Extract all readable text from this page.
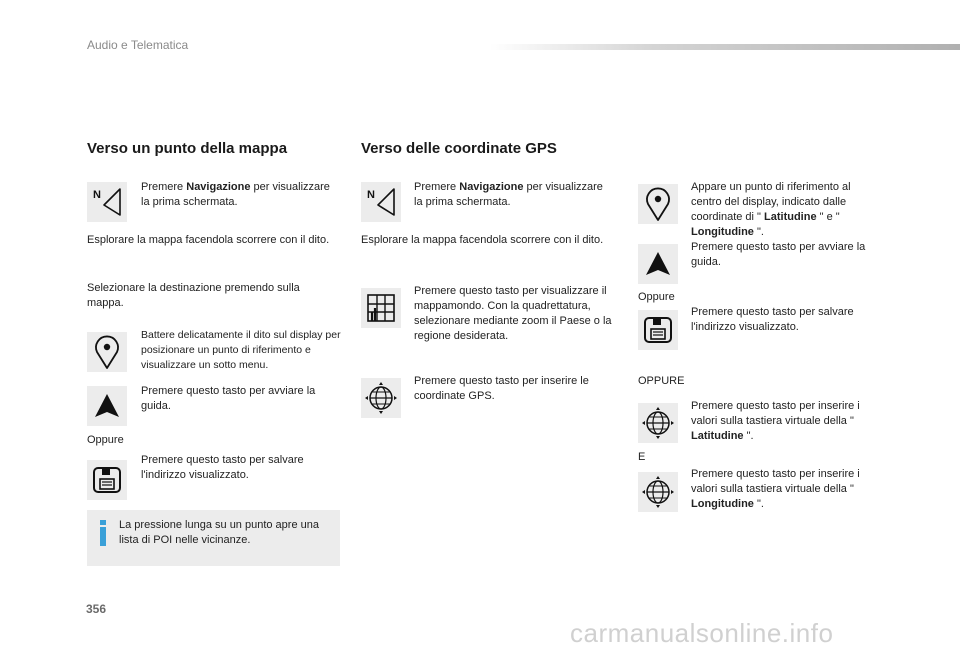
Audio e Telematica
Verso un punto della mappa
N
Premere Navigazione per visualizzare la prima schermata.
Esplorare la mappa facendola scorrere con il dito.
Selezionare la destinazione premendo sulla mappa.
Battere delicatamente il dito sul display per posizionare un punto di riferimento e visualizzare un sotto menu.
Premere questo tasto per avviare la guida.
Oppure
Premere questo tasto per salvare l'indirizzo visualizzato.
La pressione lunga su un punto apre una lista di POI nelle vicinanze.
Verso delle coordinate GPS
N
Premere Navigazione per visualizzare la prima schermata.
Esplorare la mappa facendola scorrere con il dito.
Premere questo tasto per visualizzare il mappamondo. Con la quadrettatura, selezionare mediante zoom il Paese o la regione desiderata.
Premere questo tasto per inserire le coordinate GPS.
Appare un punto di riferimento al centro del display, indicato dalle coordinate di " Latitudine " e " Longitudine ".
Premere questo tasto per avviare la guida.
Oppure
Premere questo tasto per salvare l'indirizzo visualizzato.
OPPURE
Premere questo tasto per inserire i valori sulla tastiera virtuale della " Latitudine ".
E
Premere questo tasto per inserire i valori sulla tastiera virtuale della " Longitudine ".
356
carmanualsonline.info
